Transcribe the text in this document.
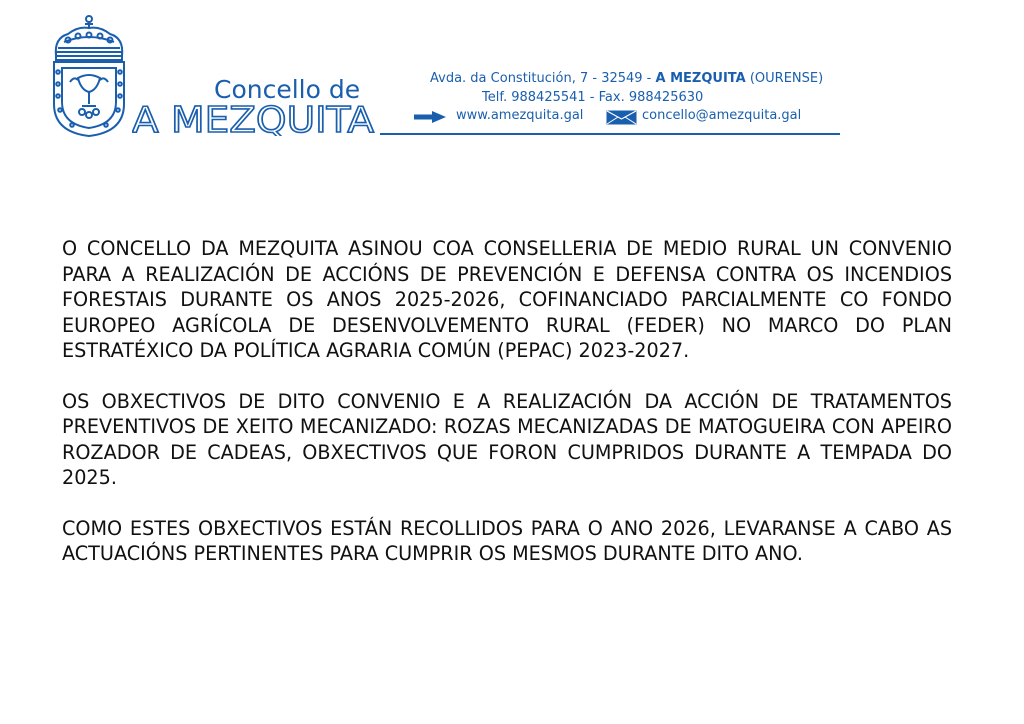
Concello de
A MEZQUITA
Avda. da Constitución, 7 - 32549 - A MEZQUITA (OURENSE)
Telf. 988425541 - Fax. 988425630
www.amezquita.gal	concello@amezquita.gal

O CONCELLO DA MEZQUITA ASINOU COA CONSELLERIA DE MEDIO RURAL UN CONVENIO PARA A REALIZACIÓN DE ACCIÓNS DE PREVENCIÓN E DEFENSA CONTRA OS INCENDIOS FORESTAIS DURANTE OS ANOS 2025-2026, COFINANCIADO PARCIALMENTE CO FONDO EUROPEO AGRÍCOLA DE DESENVOLVEMENTO RURAL (FEDER) NO MARCO DO PLAN ESTRATÉXICO DA POLÍTICA AGRARIA COMÚN (PEPAC) 2023-2027.

OS OBXECTIVOS DE DITO CONVENIO E A REALIZACIÓN DA ACCIÓN DE TRATAMENTOS PREVENTIVOS DE XEITO MECANIZADO: ROZAS MECANIZADAS DE MATOGUEIRA CON APEIRO ROZADOR DE CADEAS, OBXECTIVOS QUE FORON CUMPRIDOS DURANTE A TEMPADA DO 2025.

COMO ESTES OBXECTIVOS ESTÁN RECOLLIDOS PARA O ANO 2026, LEVARANSE A CABO AS ACTUACIÓNS PERTINENTES PARA CUMPRIR OS MESMOS DURANTE DITO ANO.
